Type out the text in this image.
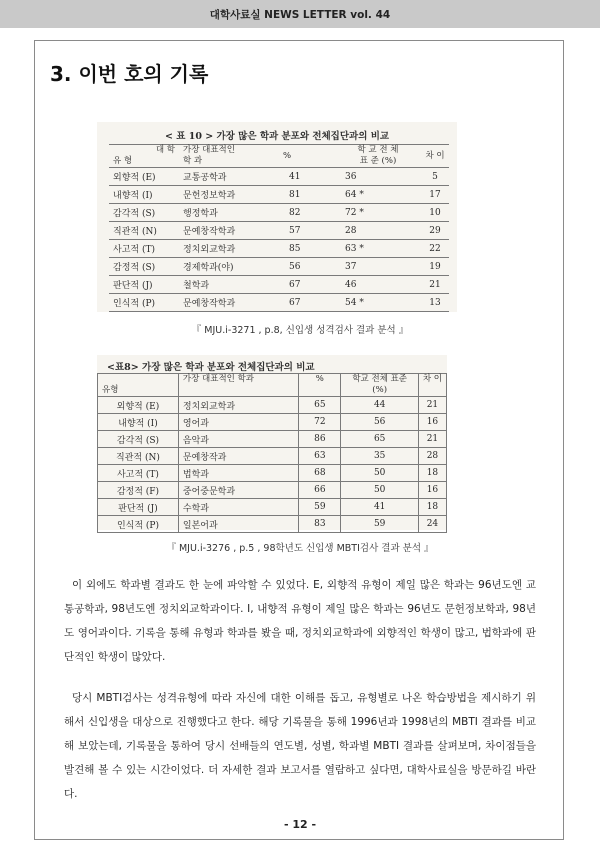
대학사료실 NEWS LETTER vol. 44
3. 이번 호의 기록
< 표 10 > 가장 많은 학과 분포와 전체집단과의 비교
대 학
유 형	가장 대표적인
학 과	%	학 교 전 체
표 준 (%)	차 이
외향적 (E)	교통공학과	41	36	5
내향적 (I)	문헌정보학과	81	64 *	17
감각적 (S)	행정학과	82	72 *	10
직관적 (N)	문예창작학과	57	28	29
사고적 (T)	정치외교학과	85	63 *	22
감정적 (S)	경제학과(야)	56	37	19
판단적 (J)	철학과	67	46	21
인식적 (P)	문예창작학과	67	54 *	13
『 MJU.i-3271 , p.8, 신입생 성격검사 결과 분석 』
<표8> 가장 많은 학과 분포와 전체집단과의 비교
유형	가장 대표적인 학과	%	학교 전체 표준
(%)	차 이
외향적 (E)	정치외교학과	65	44	21
내향적 (I)	영어과	72	56	16
감각적 (S)	음악과	86	65	21
직관적 (N)	문예창작과	63	35	28
사고적 (T)	법학과	68	50	18
감정적 (F)	중어중문학과	66	50	16
판단적 (J)	수학과	59	41	18
인식적 (P)	일본어과	83	59	24
『 MJU.i-3276 , p.5 , 98학년도 신입생 MBTI검사 결과 분석 』

이 외에도 학과별 결과도 한 눈에 파악할 수 있었다. E, 외향적 유형이 제일 많은 학과는 96년도엔 교통공학과, 98년도엔 정치외교학과이다. I, 내향적 유형이 제일 많은 학과는 96년도 문헌정보학과, 98년도 영어과이다. 기록을 통해 유형과 학과를 봤을 때, 정치외교학과에 외향적인 학생이 많고, 법학과에 판단적인 학생이 많았다.

당시 MBTI검사는 성격유형에 따라 자신에 대한 이해를 돕고, 유형별로 나온 학습방법을 제시하기 위해서 신입생을 대상으로 진행했다고 한다. 해당 기록물을 통해 1996년과 1998년의 MBTI 결과를 비교해 보았는데, 기록물을 통하여 당시 선배들의 연도별, 성별, 학과별 MBTI 결과를 살펴보며, 차이점들을 발견해 볼 수 있는 시간이었다. 더 자세한 결과 보고서를 열람하고 싶다면, 대학사료실을 방문하길 바란다.

- 12 -
